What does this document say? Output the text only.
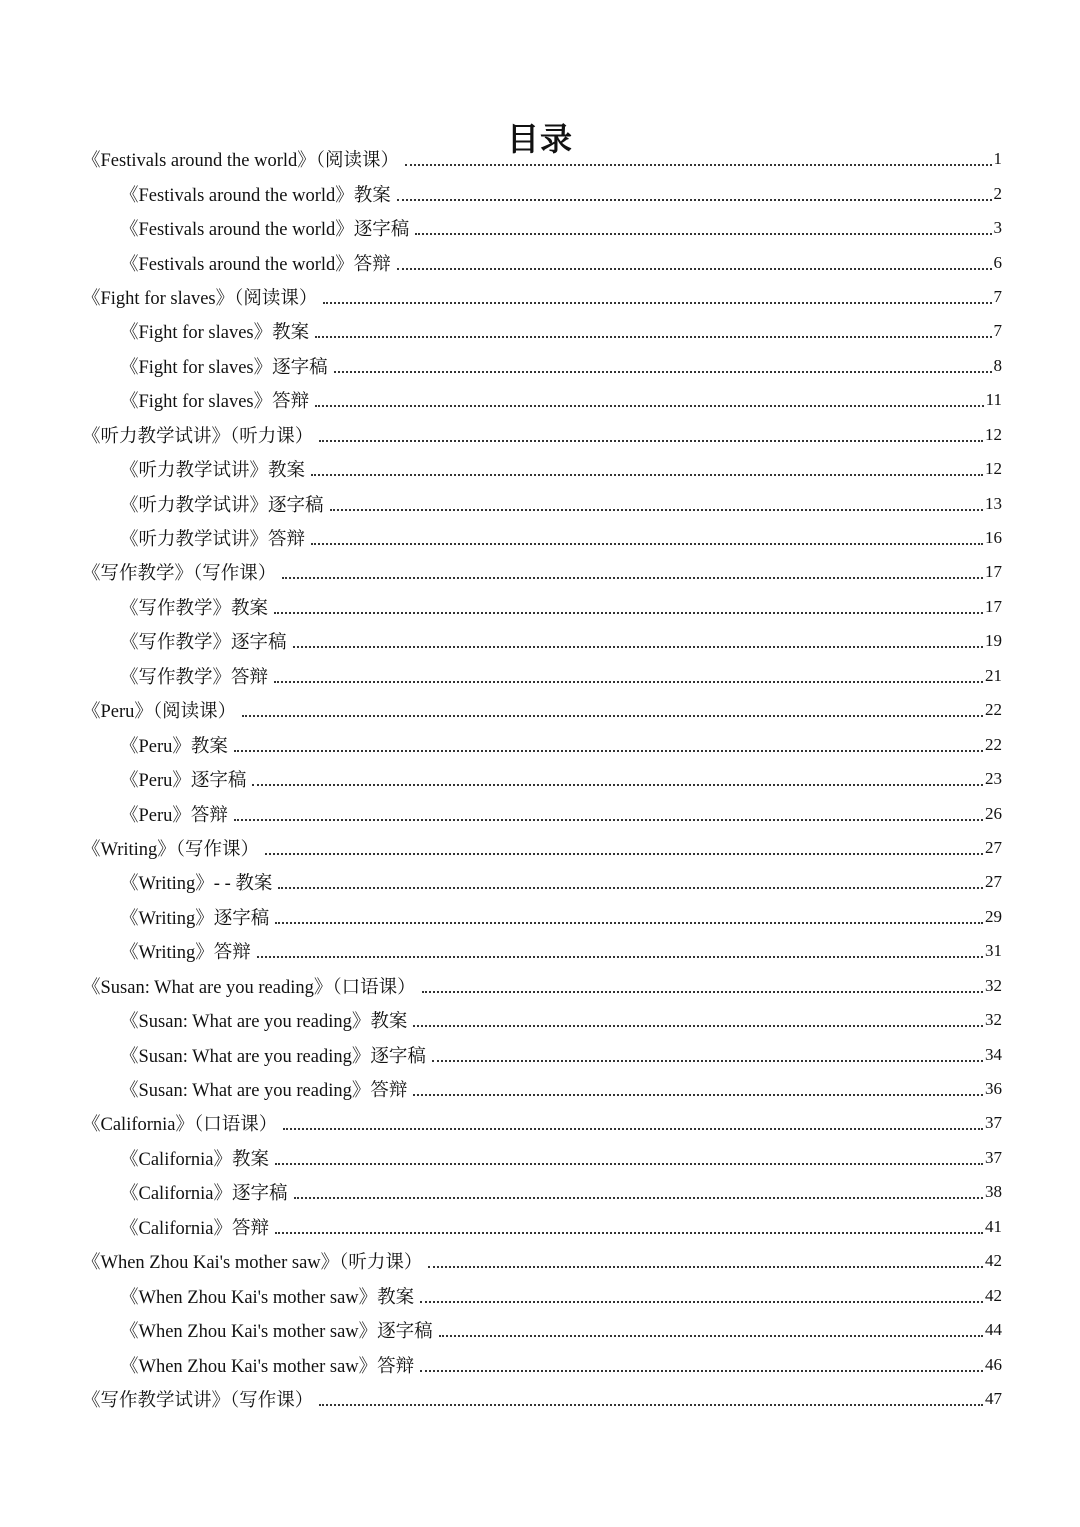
目录
《Festivals around the world》（阅读课）	1
《Festivals around the world》教案	2
《Festivals around the world》逐字稿	3
《Festivals around the world》答辩	6
《Fight for slaves》（阅读课）	7
《Fight for slaves》教案	7
《Fight for slaves》逐字稿	8
《Fight for slaves》答辩	11
《听力教学试讲》（听力课）	12
《听力教学试讲》教案	12
《听力教学试讲》逐字稿	13
《听力教学试讲》答辩	16
《写作教学》（写作课）	17
《写作教学》教案	17
《写作教学》逐字稿	19
《写作教学》答辩	21
《Peru》（阅读课）	22
《Peru》教案	22
《Peru》逐字稿	23
《Peru》答辩	26
《Writing》（写作课）	27
《Writing》- - 教案	27
《Writing》逐字稿	29
《Writing》答辩	31
《Susan: What are you reading》（口语课）	32
《Susan: What are you reading》教案	32
《Susan: What are you reading》逐字稿	34
《Susan: What are you reading》答辩	36
《California》（口语课）	37
《California》教案	37
《California》逐字稿	38
《California》答辩	41
《When Zhou Kai's mother saw》（听力课）	42
《When Zhou Kai's mother saw》教案	42
《When Zhou Kai's mother saw》逐字稿	44
《When Zhou Kai's mother saw》答辩	46
《写作教学试讲》（写作课）	47
